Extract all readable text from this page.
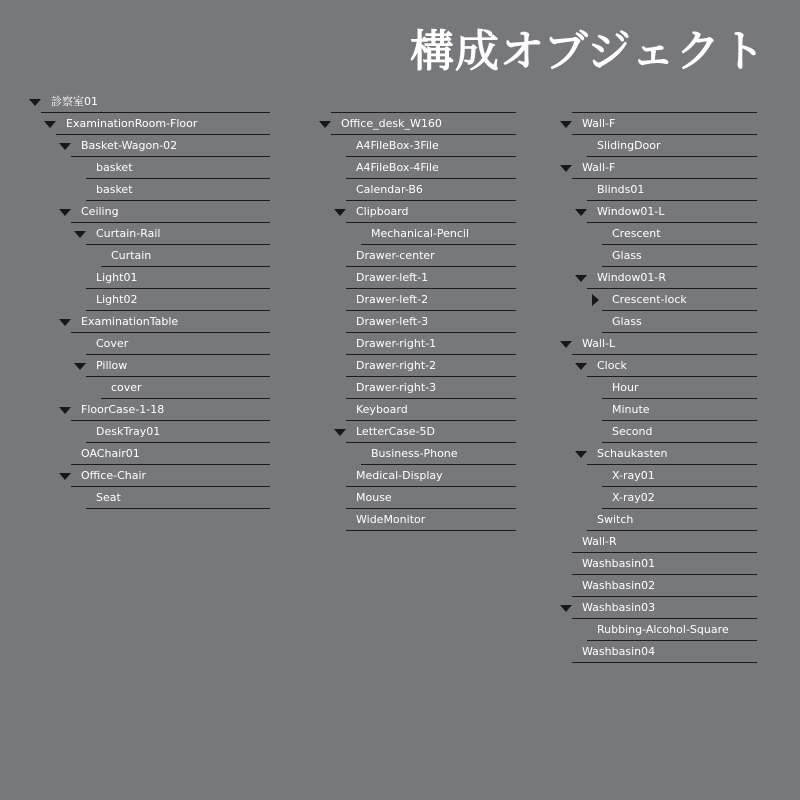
構成オブジェクト
診察室01
ExaminationRoom-Floor
Basket-Wagon-02
basket
basket
Ceiling
Curtain-Rail
Curtain
Light01
Light02
ExaminationTable
Cover
Pillow
cover
FloorCase-1-18
DeskTray01
OAChair01
Office-Chair
Seat
Office_desk_W160
A4FileBox-3File
A4FileBox-4File
Calendar-B6
Clipboard
Mechanical-Pencil
Drawer-center
Drawer-left-1
Drawer-left-2
Drawer-left-3
Drawer-right-1
Drawer-right-2
Drawer-right-3
Keyboard
LetterCase-5D
Business-Phone
Medical-Display
Mouse
WideMonitor
Wall-F
SlidingDoor
Wall-F
Blinds01
Window01-L
Crescent
Glass
Window01-R
Crescent-lock
Glass
Wall-L
Clock
Hour
Minute
Second
Schaukasten
X-ray01
X-ray02
Switch
Wall-R
Washbasin01
Washbasin02
Washbasin03
Rubbing-Alcohol-Square
Washbasin04
